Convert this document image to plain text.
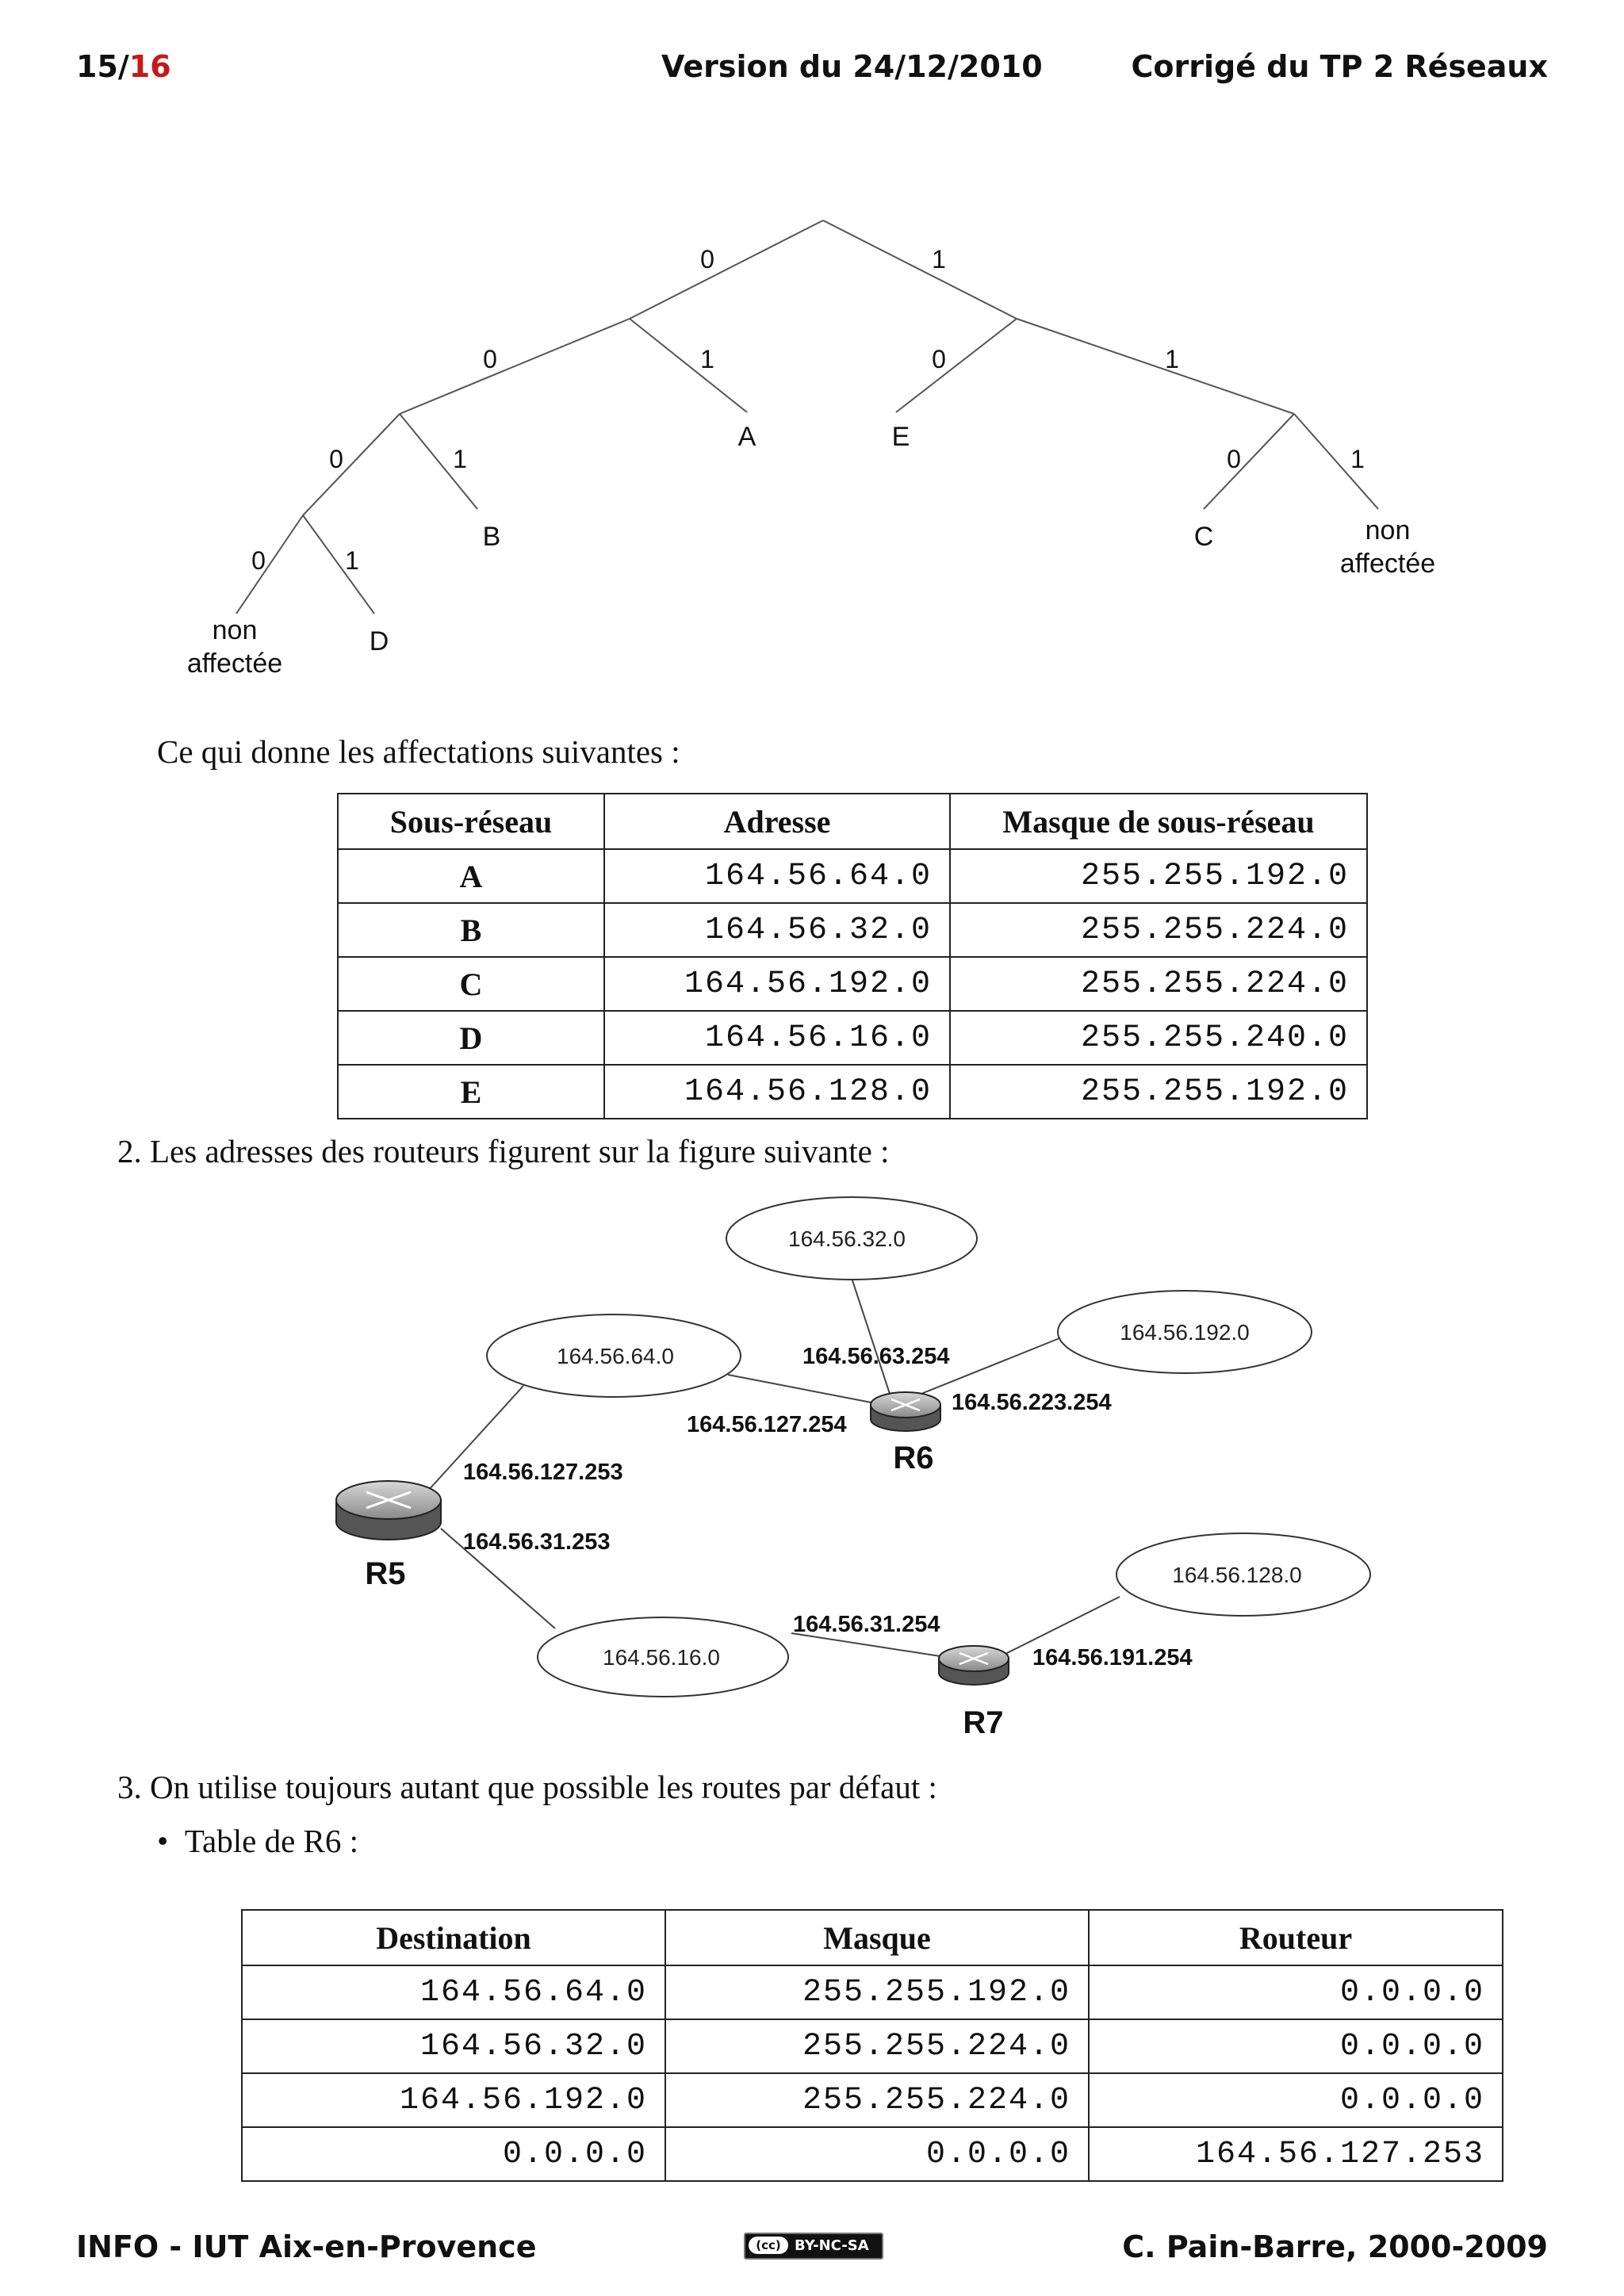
15/16	Version du 24/12/2010	Corrigé du TP 2 Réseaux
0	1
0	1	0	1
0	1	0	1
0	1
A	E
B	C	non
affectée
non
affectée
D
Ce qui donne les affectations suivantes :
Sous-réseau	Adresse	Masque de sous-réseau
A	164.56.64.0	255.255.192.0
B	164.56.32.0	255.255.224.0
C	164.56.192.0	255.255.224.0
D	164.56.16.0	255.255.240.0
E	164.56.128.0	255.255.192.0
2. Les adresses des routeurs figurent sur la figure suivante :
164.56.32.0
164.56.64.0
164.56.192.0
164.56.128.0
164.56.16.0
R5
R6
R7
164.56.63.254
164.56.127.254
164.56.223.254
164.56.127.253
164.56.31.253
164.56.31.254
164.56.191.254
3. On utilise toujours autant que possible les routes par défaut :
• Table de R6 :
Destination	Masque	Routeur
164.56.64.0	255.255.192.0	0.0.0.0
164.56.32.0	255.255.224.0	0.0.0.0
164.56.192.0	255.255.224.0	0.0.0.0
0.0.0.0	0.0.0.0	164.56.127.253
INFO - IUT Aix-en-Provence	(cc) BY-NC-SA	C. Pain-Barre, 2000-2009
